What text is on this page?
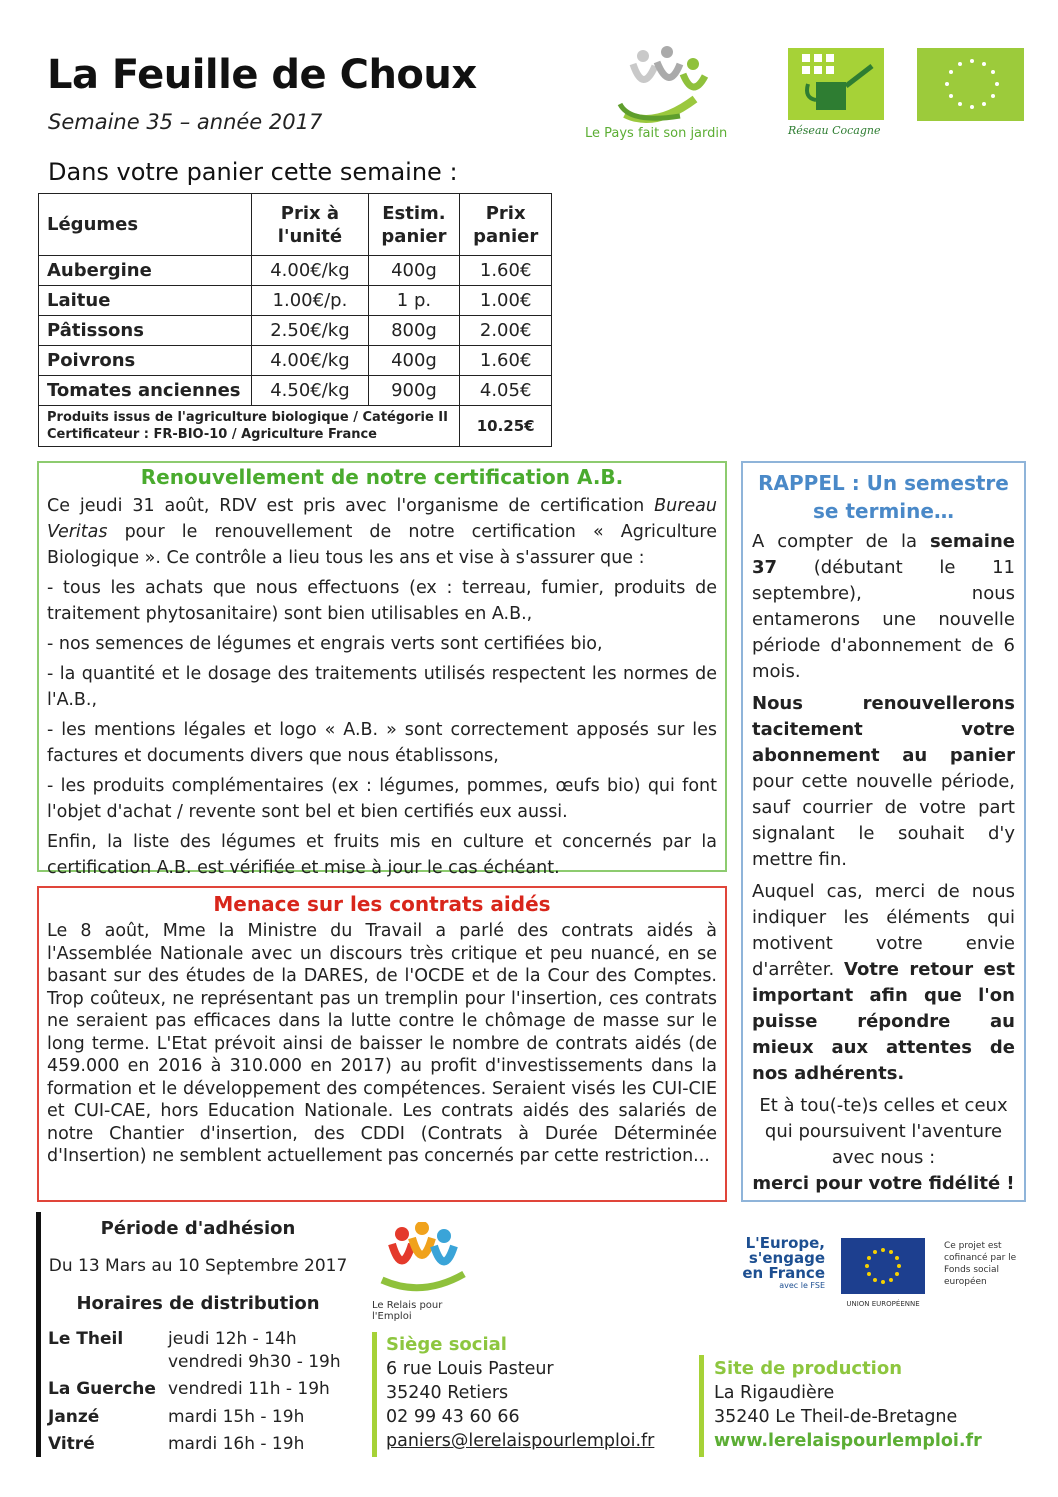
La Feuille de Choux
Semaine 35 – année 2017
Dans votre panier cette semaine :
Le Pays fait son jardin	Réseau Cocagne
Légumes	Prix à l'unité	Estim. panier	Prix panier
Aubergine	4.00€/kg	400g	1.60€
Laitue	1.00€/p.	1 p.	1.00€
Pâtissons	2.50€/kg	800g	2.00€
Poivrons	4.00€/kg	400g	1.60€
Tomates anciennes	4.50€/kg	900g	4.05€

Produits issus de l'agriculture biologique / Catégorie II
Certificateur : FR-BIO-10 / Agriculture France			10.25€
Renouvellement de notre certification A.B.

Ce jeudi 31 août, RDV est pris avec l'organisme de certification Bureau Veritas pour le renouvellement de notre certification « Agriculture Biologique ». Ce contrôle a lieu tous les ans et vise à s'assurer que :

- tous les achats que nous effectuons (ex : terreau, fumier, produits de traitement phytosanitaire) sont bien utilisables en A.B.,

- nos semences de légumes et engrais verts sont certifiées bio,

- la quantité et le dosage des traitements utilisés respectent les normes de l'A.B.,

- les mentions légales et logo « A.B. » sont correctement apposés sur les factures et documents divers que nous établissons,

- les produits complémentaires (ex : légumes, pommes, œufs bio) qui font l'objet d'achat / revente sont bel et bien certifiés eux aussi.

Enfin, la liste des légumes et fruits mis en culture et concernés par la certification A.B. est vérifiée et mise à jour le cas échéant.

Menace sur les contrats aidés
Le 8 août, Mme la Ministre du Travail a parlé des contrats aidés à l'Assemblée Nationale avec un discours très critique et peu nuancé, en se basant sur des études de la DARES, de l'OCDE et de la Cour des Comptes. Trop coûteux, ne représentant pas un tremplin pour l'insertion, ces contrats ne seraient pas efficaces dans la lutte contre le chômage de masse sur le long terme. L'Etat prévoit ainsi de baisser le nombre de contrats aidés (de 459.000 en 2016 à 310.000 en 2017) au profit d'investissements dans la formation et le développement des compétences. Seraient visés les CUI-CIE et CUI-CAE, hors Education Nationale. Les contrats aidés des salariés de notre Chantier d'insertion, des CDDI (Contrats à Durée Déterminée d'Insertion) ne semblent actuellement pas concernés par cette restriction...
RAPPEL : Un semestre se termine…

A compter de la semaine 37 (débutant le 11 septembre), nous entamerons une nouvelle période d'abonnement de 6 mois.

Nous renouvellerons tacitement votre abonnement au panier pour cette nouvelle période, sauf courrier de votre part signalant le souhait d'y mettre fin.

Auquel cas, merci de nous indiquer les éléments qui motivent votre envie d'arrêter. Votre retour est important afin que l'on puisse répondre au mieux aux attentes de nos adhérents.

Et à tou(-te)s celles et ceux qui poursuivent l'aventure avec nous :
merci pour votre fidélité !

Période d'adhésion
Du 13 Mars au 10 Septembre 2017
Horaires de distribution
Le Theil	jeudi 12h - 14h
vendredi 9h30 - 19h
La Guerche vendredi 11h - 19h
Janzé	mardi 15h - 19h
Vitré	mardi 16h - 19h
Le Relais pour l'Emploi
L'Europe,
s'engage
en France
avec le FSE
UNION EUROPÉENNE
Ce projet est cofinancé par le Fonds social européen
Siège social
6 rue Louis Pasteur
35240 Retiers
02 99 43 60 66
paniers@lerelaispourlemploi.fr
Site de production
La Rigaudière
35240 Le Theil-de-Bretagne
www.lerelaispourlemploi.fr
